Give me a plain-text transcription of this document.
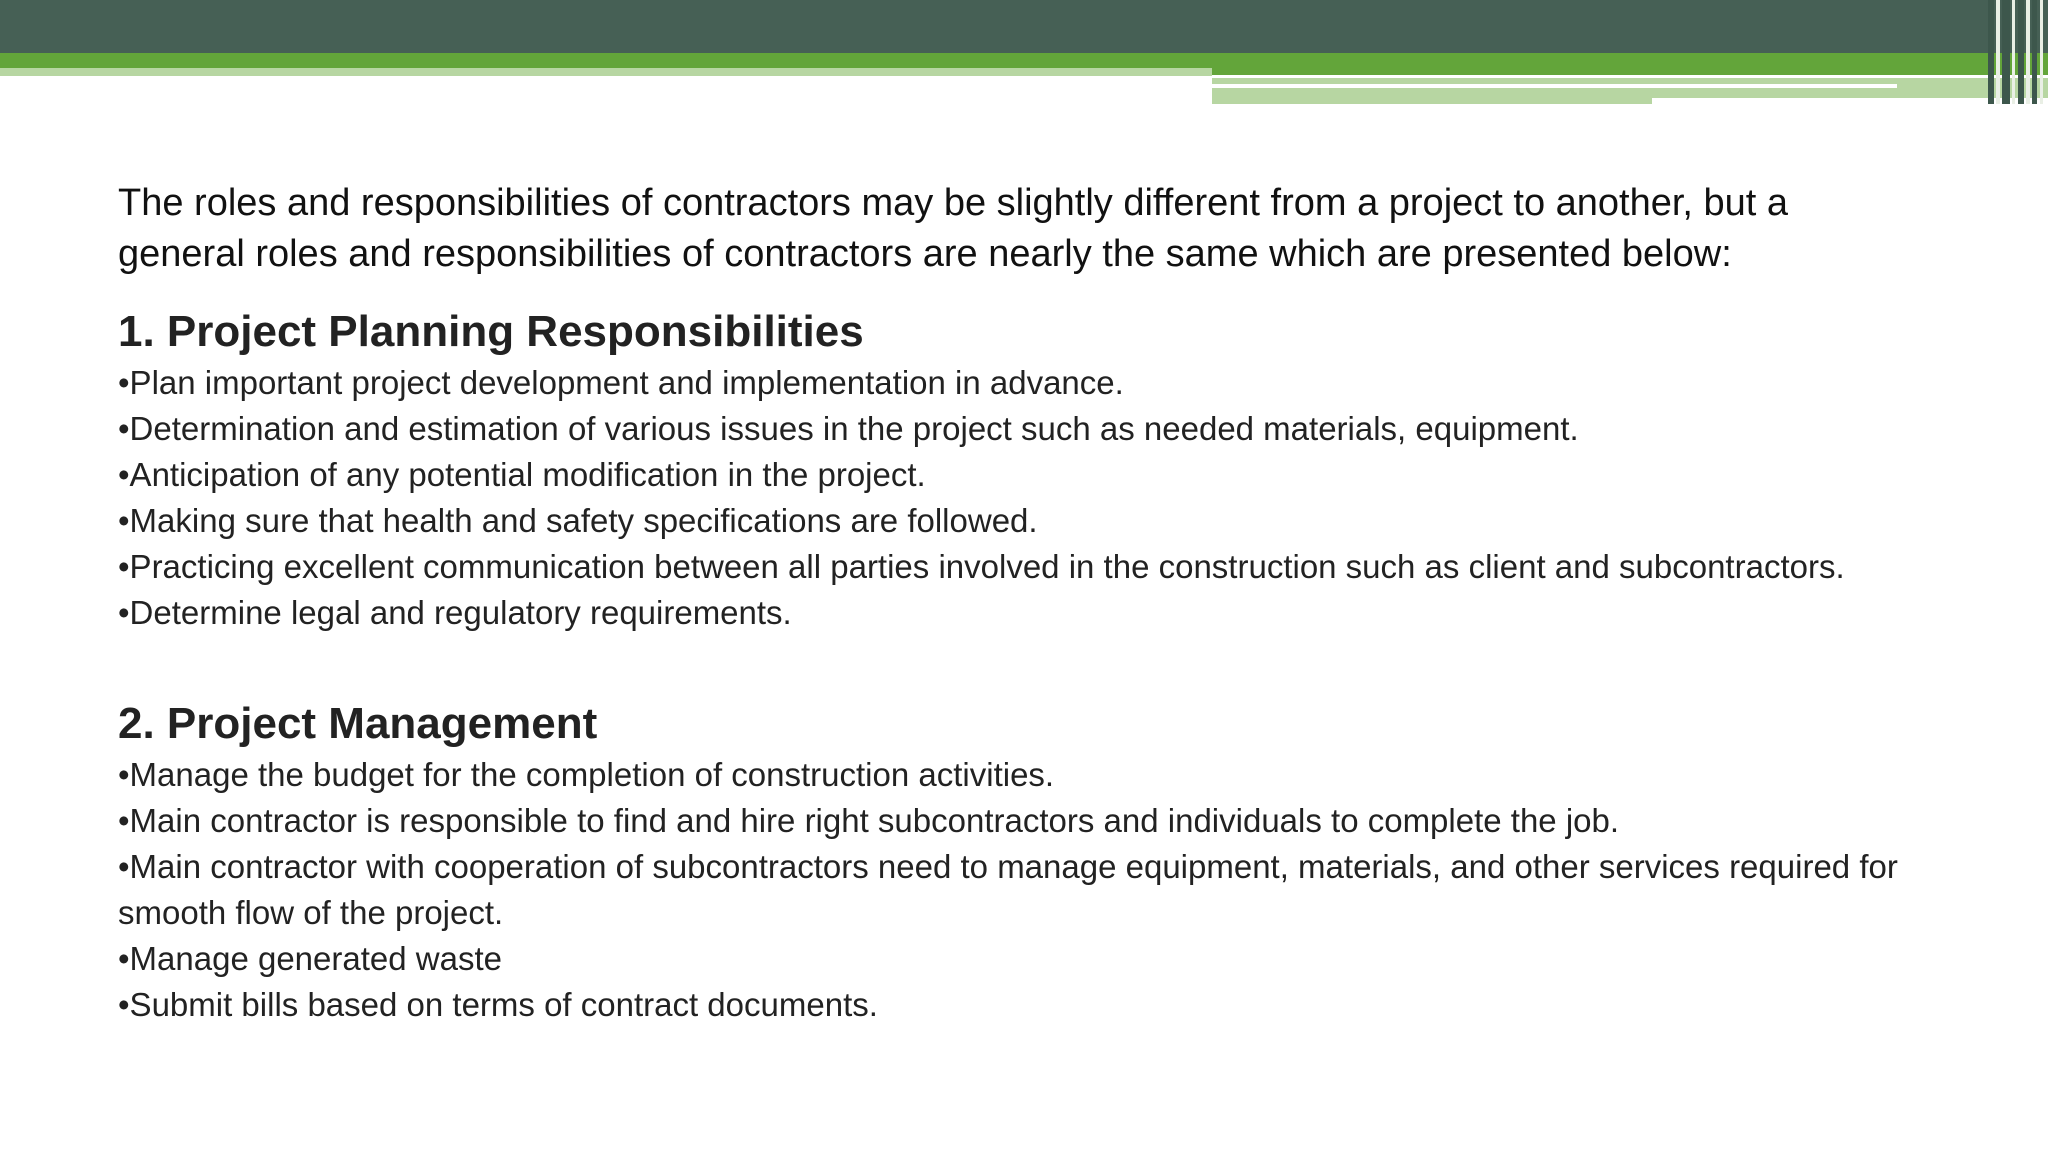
The roles and responsibilities of contractors may be slightly different from a project to another, but a general roles and responsibilities of contractors are nearly the same which are presented below:

1. Project Planning Responsibilities
•Plan important project development and implementation in advance.
•Determination and estimation of various issues in the project such as needed materials, equipment.
•Anticipation of any potential modification in the project.
•Making sure that health and safety specifications are followed.
•Practicing excellent communication between all parties involved in the construction such as client and subcontractors.
•Determine legal and regulatory requirements.
2. Project Management
•Manage the budget for the completion of construction activities.
•Main contractor is responsible to find and hire right subcontractors and individuals to complete the job.
•Main contractor with cooperation of subcontractors need to manage equipment, materials, and other services required for smooth flow of the project.
•Manage generated waste
•Submit bills based on terms of contract documents.
